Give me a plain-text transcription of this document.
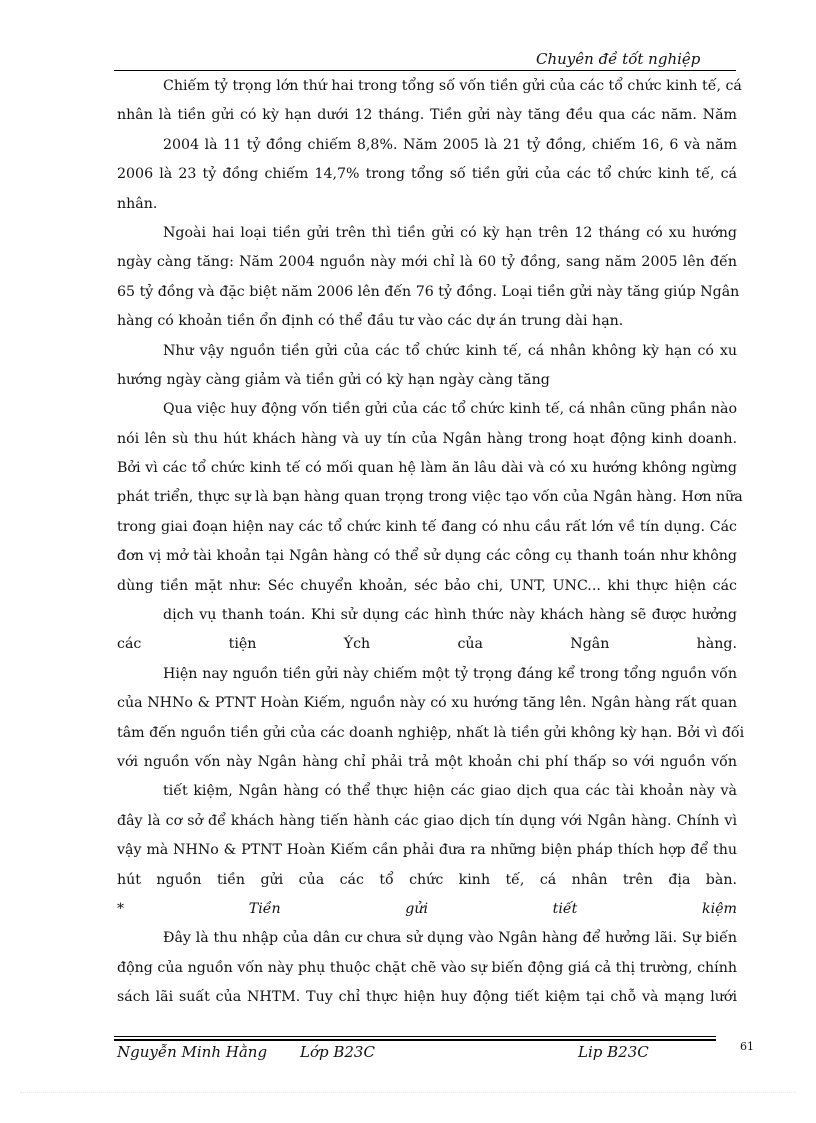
Chuyên đề tốt nghiệp
Chiếm tỷ trọng lớn thứ hai trong tổng số vốn tiền gửi của các tổ chức kinh tế, cá
nhân là tiền gửi có kỳ hạn dưới 12 tháng. Tiền gửi này tăng đều qua các năm. Năm
2004 là 11 tỷ đồng chiếm 8,8%. Năm 2005 là 21 tỷ đồng, chiếm 16, 6 và năm
2006 là 23 tỷ đồng chiếm 14,7% trong tổng số tiền gửi của các tổ chức kinh tế, cá
nhân.
Ngoài hai loại tiền gửi trên thì tiền gửi có kỳ hạn trên 12 tháng có xu hướng
ngày càng tăng: Năm 2004 nguồn này mới chỉ là 60 tỷ đồng, sang năm 2005 lên đến
65 tỷ đồng và đặc biệt năm 2006 lên đến 76 tỷ đồng. Loại tiền gửi này tăng giúp Ngân
hàng có khoản tiền ổn định có thể đầu tư vào các dự án trung dài hạn.
Như vậy nguồn tiền gửi của các tổ chức kinh tế, cá nhân không kỳ hạn có xu
hướng ngày càng giảm và tiền gửi có kỳ hạn ngày càng tăng
Qua việc huy động vốn tiền gửi của các tổ chức kinh tế, cá nhân cũng phần nào
nói lên sù thu hút khách hàng và uy tín của Ngân hàng trong hoạt động kinh doanh.
Bởi vì các tổ chức kinh tế có mối quan hệ làm ăn lâu dài và có xu hướng không ngừng
phát triển, thực sự là bạn hàng quan trọng trong việc tạo vốn của Ngân hàng. Hơn nữa
trong giai đoạn hiện nay các tổ chức kinh tế đang có nhu cầu rất lớn về tín dụng. Các
đơn vị mở tài khoản tại Ngân hàng có thể sử dụng các công cụ thanh toán như không
dùng tiền mặt như: Séc chuyển khoản, séc bảo chi, UNT, UNC... khi thực hiện các
dịch vụ thanh toán. Khi sử dụng các hình thức này khách hàng sẽ được hưởng
các tiện Ých của Ngân hàng.
Hiện nay nguồn tiền gửi này chiếm một tỷ trọng đáng kể trong tổng nguồn vốn
của NHNo & PTNT Hoàn Kiếm, nguồn này có xu hướng tăng lên. Ngân hàng rất quan
tâm đến nguồn tiền gửi của các doanh nghiệp, nhất là tiền gửi không kỳ hạn. Bởi vì đối
với nguồn vốn này Ngân hàng chỉ phải trả một khoản chi phí thấp so với nguồn vốn
tiết kiệm, Ngân hàng có thể thực hiện các giao dịch qua các tài khoản này và
đây là cơ sở để khách hàng tiến hành các giao dịch tín dụng với Ngân hàng. Chính vì
vậy mà NHNo & PTNT Hoàn Kiếm cần phải đưa ra những biện pháp thích hợp để thu
hút nguồn tiền gửi của các tổ chức kinh tế, cá nhân trên địa bàn.
*	Tiền	gửi	tiết	kiệm
Đây là thu nhập của dân cư chưa sử dụng vào Ngân hàng để hưởng lãi. Sự biến
động của nguồn vốn này phụ thuộc chặt chẽ vào sự biến động giá cả thị trường, chính
sách lãi suất của NHTM. Tuy chỉ thực hiện huy động tiết kiệm tại chỗ và mạng lưới
Nguyễn Minh Hằng Lớp B23C	Lip B23C	61
